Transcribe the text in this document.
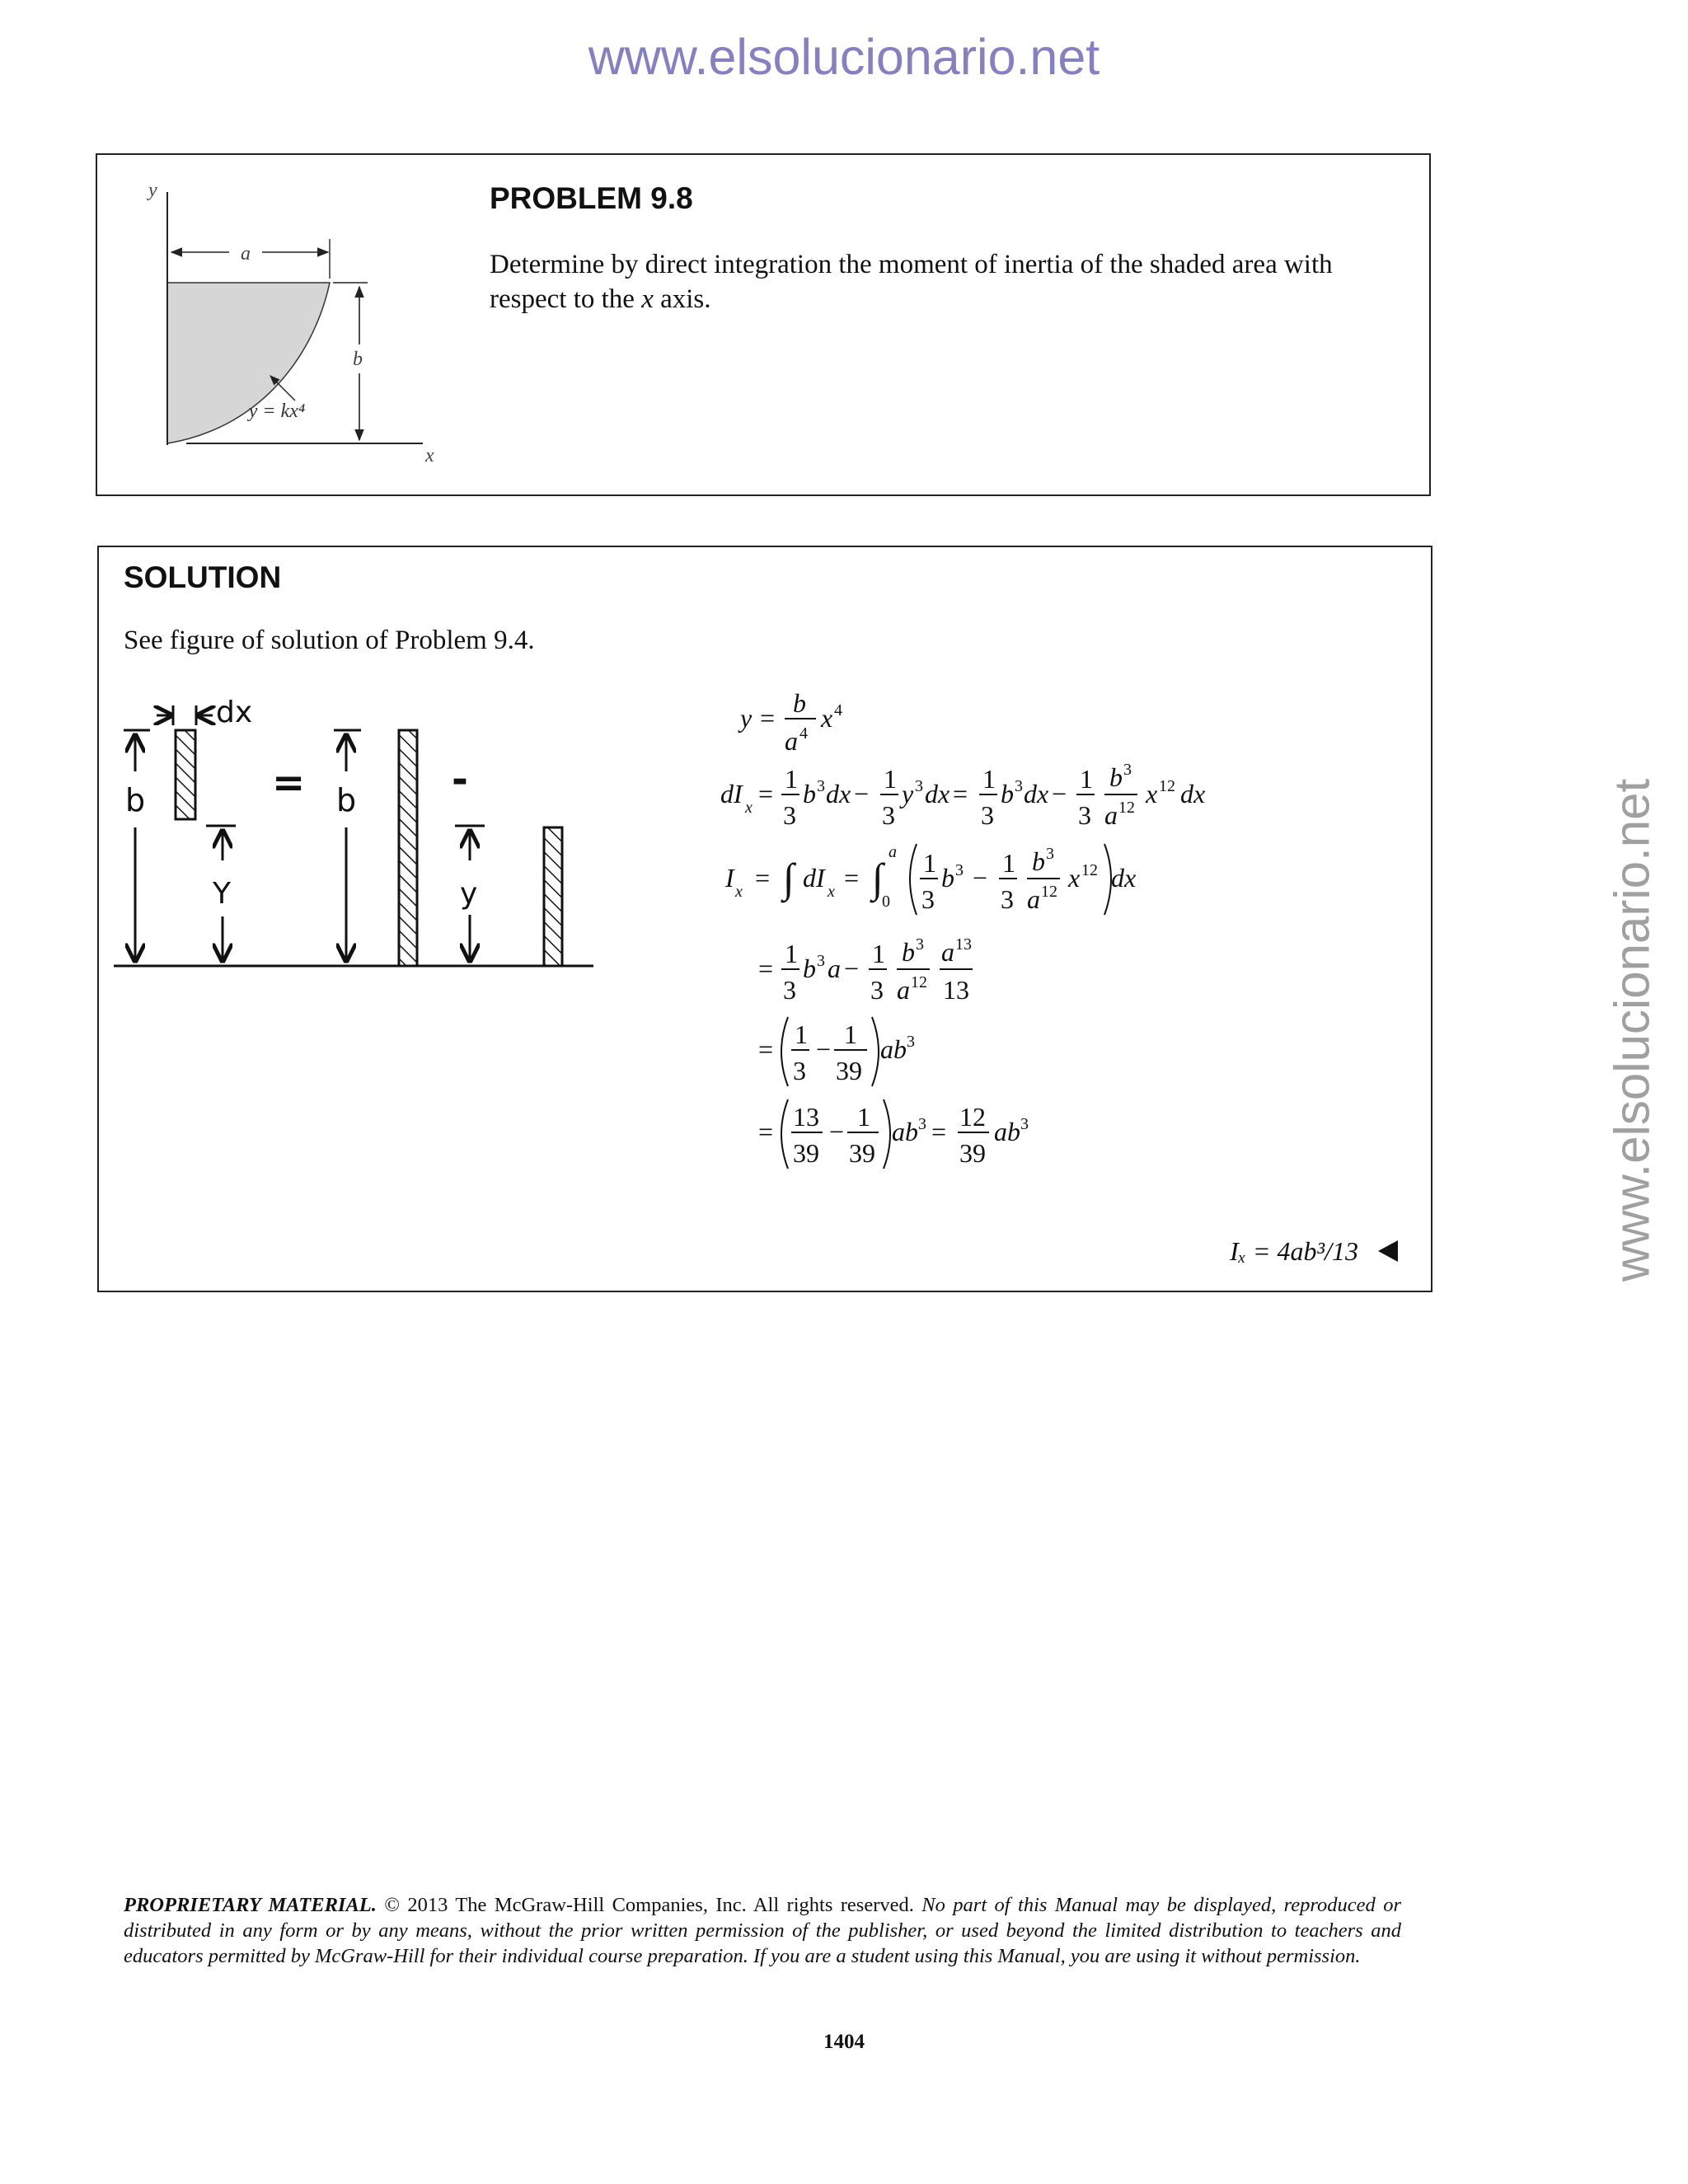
www.elsolucionario.net
www.elsolucionario.net
PROBLEM 9.8
Determine by direct integration the moment of inertia of the shaded area with
respect to the x axis.
y
x
a
b
y = kx⁴
SOLUTION
See figure of solution of Problem 9.4.
dx
b
Y
= b -
y
y = b
a 4
x 4
dI x = 1
3
b 3 dx − 1
3
y 3 dx = 1
3
b 3 dx − 1
3
b 3
a 12 x 12 dx
I x = ∫ dI x = ∫
a
0
1
3
b 3 − 1
3
b 3
a 12 x 12 dx
= 1
3
b 3 a − 1
3
b 3
a 12
a 13
13
= 1
3
− 1
39
ab 3
= 13
39
− 1
39
ab 3 = 12
39
ab 3
Iₓ = 4ab³/13
PROPRIETARY MATERIAL. © 2013 The McGraw-Hill Companies, Inc. All rights reserved. No part of this Manual may be displayed, reproduced or distributed in any form or by any means, without the prior written permission of the publisher, or used beyond the limited distribution to teachers and educators permitted by McGraw-Hill for their individual course preparation. If you are a student using this Manual, you are using it without permission.
1404
